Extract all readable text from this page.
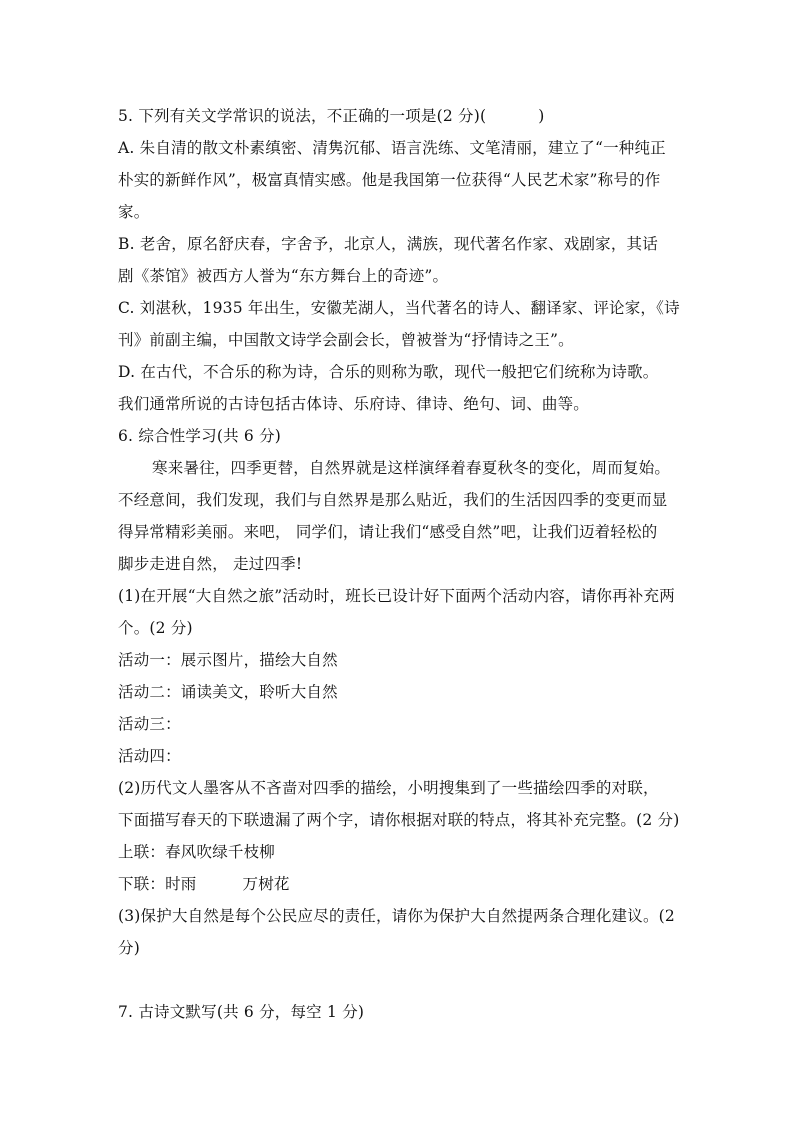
5. 下列有关文学常识的说法，不正确的一项是(2 分)(	)
A. 朱自清的散文朴素缜密、清隽沉郁、语言洗练、文笔清丽，建立了“一种纯正
朴实的新鲜作风”，极富真情实感。他是我国第一位获得“人民艺术家”称号的作
家。
B. 老舍，原名舒庆春，字舍予，北京人，满族，现代著名作家、戏剧家，其话
剧《茶馆》被西方人誉为“东方舞台上的奇迹”。
C. 刘湛秋，1935 年出生，安徽芜湖人，当代著名的诗人、翻译家、评论家，《诗
刊》前副主编，中国散文诗学会副会长，曾被誉为“抒情诗之王”。
D. 在古代，不合乐的称为诗，合乐的则称为歌，现代一般把它们统称为诗歌。
我们通常所说的古诗包括古体诗、乐府诗、律诗、绝句、词、曲等。
6. 综合性学习(共 6 分)
寒来暑往，四季更替，自然界就是这样演绎着春夏秋冬的变化，周而复始。
不经意间，我们发现，我们与自然界是那么贴近，我们的生活因四季的变更而显
得异常精彩美丽。来吧， 同学们，请让我们“感受自然”吧，让我们迈着轻松的
脚步走进自然， 走过四季!
(1)在开展“大自然之旅”活动时，班长已设计好下面两个活动内容，请你再补充两
个。(2 分)
活动一：展示图片，描绘大自然
活动二：诵读美文，聆听大自然
活动三：
活动四：
(2)历代文人墨客从不吝啬对四季的描绘，小明搜集到了一些描绘四季的对联，
下面描写春天的下联遗漏了两个字，请你根据对联的特点，将其补充完整。(2 分)
上联：春风吹绿千枝柳
下联：时雨	万树花
(3)保护大自然是每个公民应尽的责任，请你为保护大自然提两条合理化建议。(2
分)
7. 古诗文默写(共 6 分，每空 1 分)
